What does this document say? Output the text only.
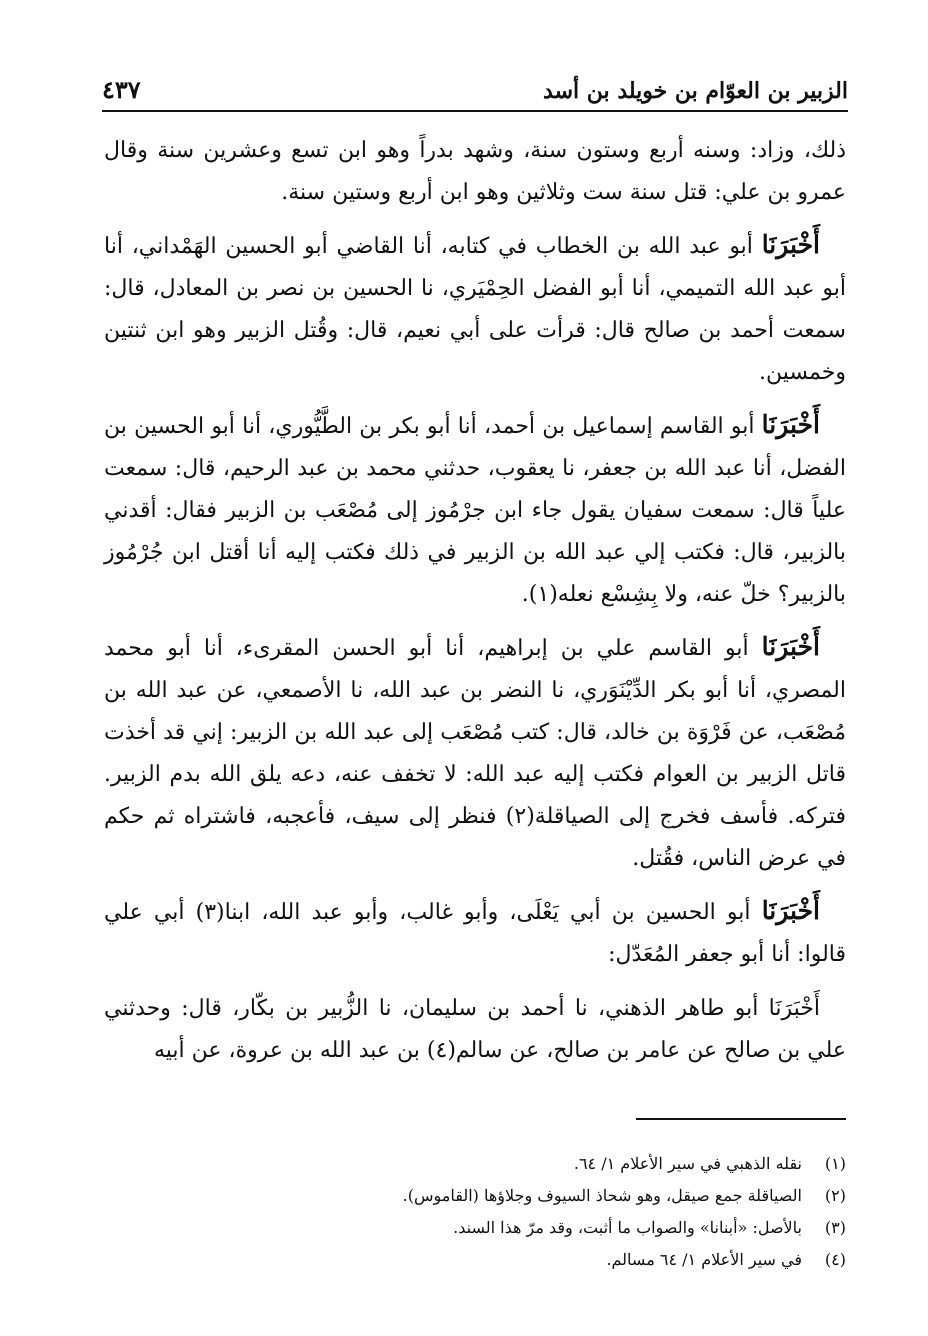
الزبير بن العوّام بن خويلد بن أسد
٤٣٧

ذلك، وزاد: وسنه أربع وستون سنة، وشهد بدراً وهو ابن تسع وعشرين سنة وقال عمرو بن علي: قتل سنة ست وثلاثين وهو ابن أربع وستين سنة.

أَخْبَرَنَا أبو عبد الله بن الخطاب في كتابه، أنا القاضي أبو الحسين الهَمْداني، أنا أبو عبد الله التميمي، أنا أبو الفضل الحِمْيَري، نا الحسين بن نصر بن المعادل، قال: سمعت أحمد بن صالح قال: قرأت على أبي نعيم، قال: وقُتل الزبير وهو ابن ثنتين وخمسين.

أَخْبَرَنَا أبو القاسم إسماعيل بن أحمد، أنا أبو بكر بن الطَّيُّوري، أنا أبو الحسين بن الفضل، أنا عبد الله بن جعفر، نا يعقوب، حدثني محمد بن عبد الرحيم، قال: سمعت علياً قال: سمعت سفيان يقول جاء ابن جرْمُوز إلى مُصْعَب بن الزبير فقال: أقدني بالزبير، قال: فكتب إلي عبد الله بن الزبير في ذلك فكتب إليه أنا أقتل ابن جُرْمُوز بالزبير؟ خلّ عنه، ولا بِشِسْع نعله(١).

أَخْبَرَنَا أبو القاسم علي بن إبراهيم، أنا أبو الحسن المقرىء، أنا أبو محمد المصري، أنا أبو بكر الدِّيْنَوَري، نا النضر بن عبد الله، نا الأصمعي، عن عبد الله بن مُصْعَب، عن فَرْوَة بن خالد، قال: كتب مُصْعَب إلى عبد الله بن الزبير: إني قد أخذت قاتل الزبير بن العوام فكتب إليه عبد الله: لا تخفف عنه، دعه يلق الله بدم الزبير. فتركه. فأسف فخرج إلى الصياقلة(٢) فنظر إلى سيف، فأعجبه، فاشتراه ثم حكم في عرض الناس، فقُتل.

أَخْبَرَنَا أبو الحسين بن أبي يَعْلَى، وأبو غالب، وأبو عبد الله، ابنا(٣) أبي علي قالوا: أنا أبو جعفر المُعَدّل:

أَخْبَرَنَا أبو طاهر الذهني، نا أحمد بن سليمان، نا الزُّبير بن بكّار، قال: وحدثني علي بن صالح عن عامر بن صالح، عن سالم(٤) بن عبد الله بن عروة، عن أبيه

(١)
نقله الذهبي في سير الأعلام ١/ ٦٤.
(٢)
الصياقلة جمع صيقل، وهو شحاذ السيوف وجلاؤها (القاموس).
(٣)
بالأصل: «أبنانا» والصواب ما أثبت، وقد مرّ هذا السند.
(٤)
في سير الأعلام ١/ ٦٤ مسالم.
